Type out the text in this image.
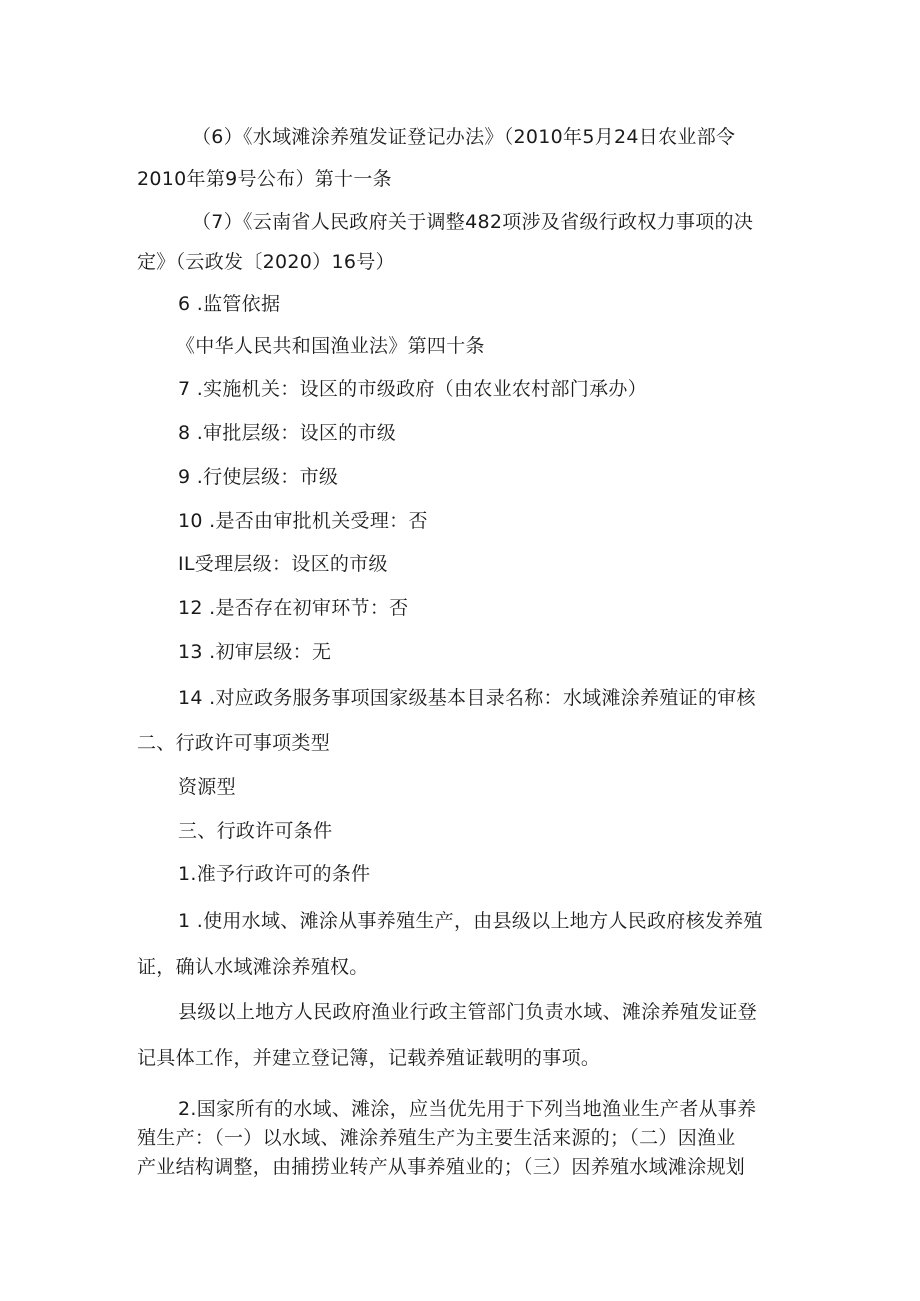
（6）《水域滩涂养殖发证登记办法》（2010年5月24日农业部令
2010年第9号公布）第十一条
（7）《云南省人民政府关于调整482项涉及省级行政权力事项的决
定》（云政发〔2020）16号）
6 .监管依据
《中华人民共和国渔业法》第四十条
7 .实施机关：设区的市级政府（由农业农村部门承办）
8 .审批层级：设区的市级
9 .行使层级：市级
10 .是否由审批机关受理：否
IL受理层级：设区的市级
12 .是否存在初审环节：否
13 .初审层级：无
14 .对应政务服务事项国家级基本目录名称：水域滩涂养殖证的审核
二、行政许可事项类型
资源型
三、行政许可条件
1.准予行政许可的条件
1 .使用水域、滩涂从事养殖生产，由县级以上地方人民政府核发养殖
证，确认水域滩涂养殖权。
县级以上地方人民政府渔业行政主管部门负责水域、滩涂养殖发证登
记具体工作，并建立登记簿，记载养殖证载明的事项。
2.国家所有的水域、滩涂，应当优先用于下列当地渔业生产者从事养
殖生产：（一）以水域、滩涂养殖生产为主要生活来源的；（二）因渔业
产业结构调整，由捕捞业转产从事养殖业的；（三）因养殖水域滩涂规划
